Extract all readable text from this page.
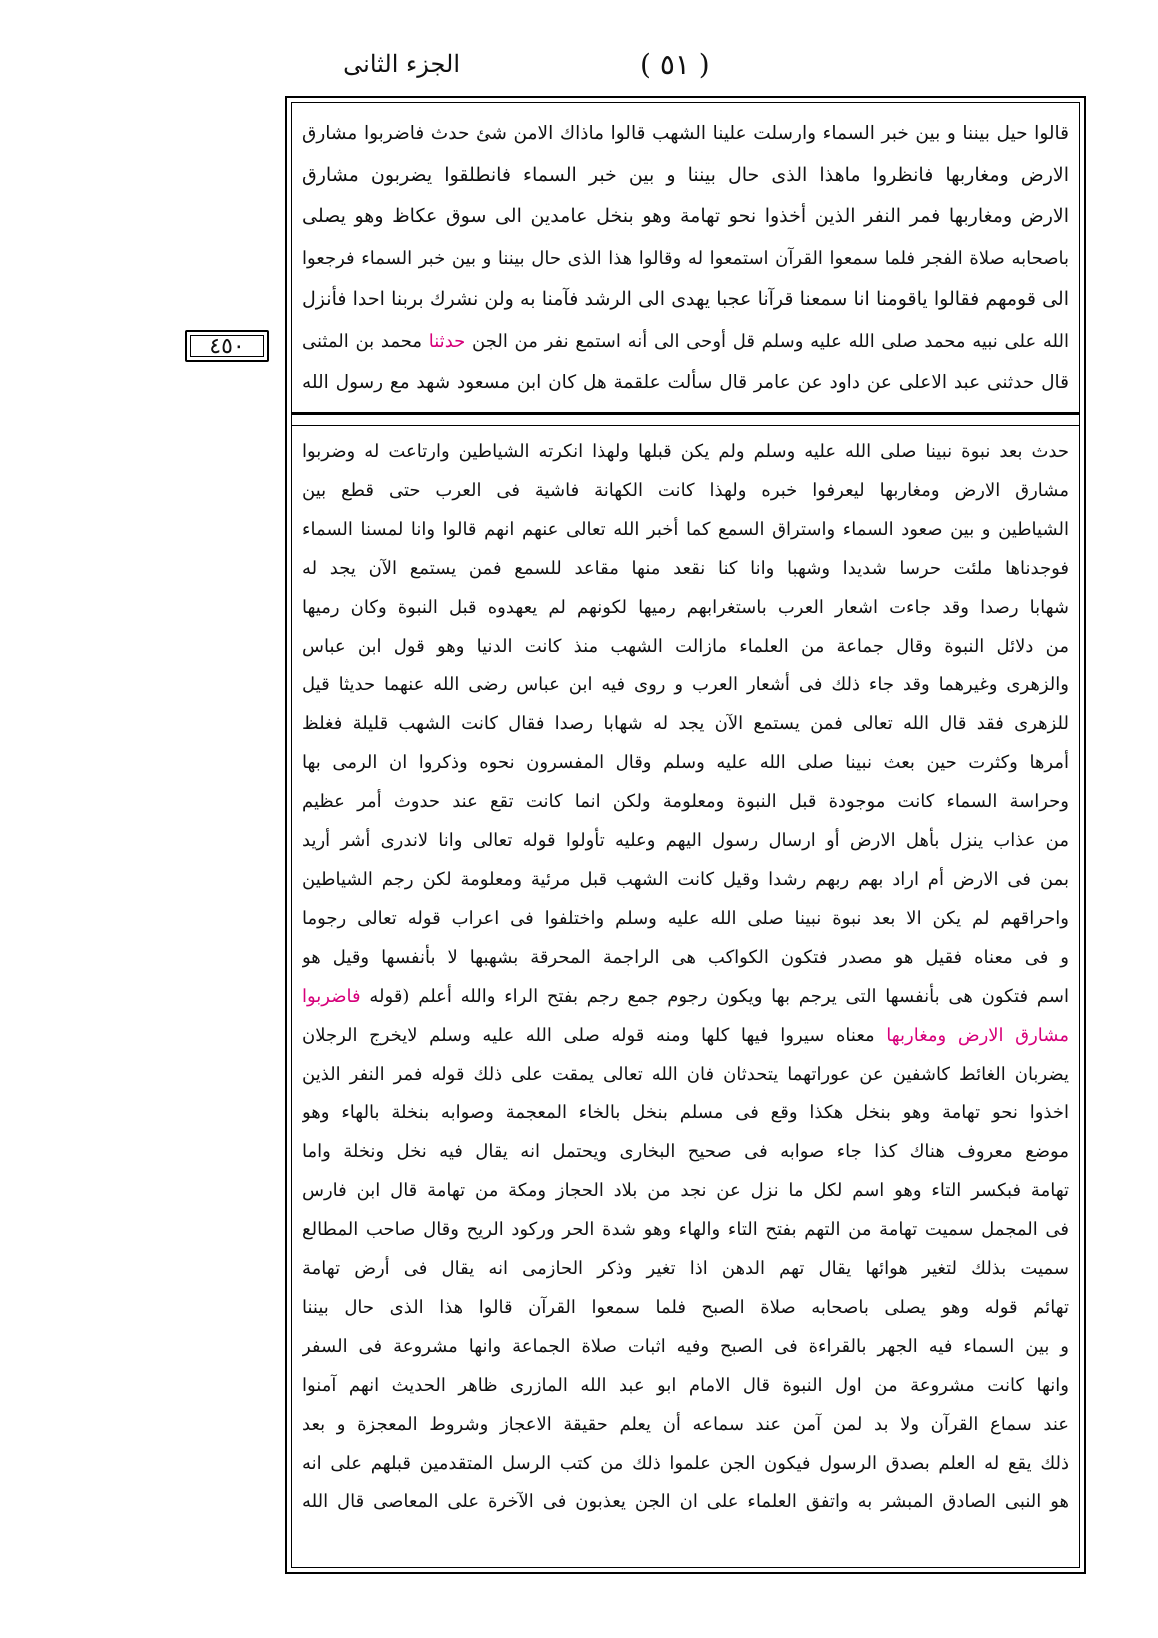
الجزء الثانى	( ٥١ )
٤٥٠
قالوا حيل بيننا و بين خبر السماء وارسلت علينا الشهب قالوا ماذاك الامن شئ حدث فاضربوا مشارق
الارض ومغاربها فانظروا ماهذا الذى حال بيننا و بين خبر السماء فانطلقوا يضربون مشارق
الارض ومغاربها فمر النفر الذين أخذوا نحو تهامة وهو بنخل عامدين الى سوق عكاظ وهو يصلى
باصحابه صلاة الفجر فلما سمعوا القرآن استمعوا له وقالوا هذا الذى حال بيننا و بين خبر السماء فرجعوا
الى قومهم فقالوا ياقومنا انا سمعنا قرآنا عجبا يهدى الى الرشد فآمنا به ولن نشرك بربنا احدا فأنزل
الله على نبيه محمد صلى الله عليه وسلم قل أوحى الى أنه استمع نفر من الجن حدثنا محمد بن المثنى
قال حدثنى عبد الاعلى عن داود عن عامر قال سألت علقمة هل كان ابن مسعود شهد مع رسول الله
حدث بعد نبوة نبينا صلى الله عليه وسلم ولم يكن قبلها ولهذا انكرته الشياطين وارتاعت له وضربوا
مشارق الارض ومغاربها ليعرفوا خبره ولهذا كانت الكهانة فاشية فى العرب حتى قطع بين
الشياطين و بين صعود السماء واستراق السمع كما أخبر الله تعالى عنهم انهم قالوا وانا لمسنا السماء
فوجدناها ملئت حرسا شديدا وشهبا وانا كنا نقعد منها مقاعد للسمع فمن يستمع الآن يجد له
شهابا رصدا وقد جاءت اشعار العرب باستغرابهم رميها لكونهم لم يعهدوه قبل النبوة وكان رميها
من دلائل النبوة وقال جماعة من العلماء مازالت الشهب منذ كانت الدنيا وهو قول ابن عباس
والزهرى وغيرهما وقد جاء ذلك فى أشعار العرب و روى فيه ابن عباس رضى الله عنهما حديثا قيل
للزهرى فقد قال الله تعالى فمن يستمع الآن يجد له شهابا رصدا فقال كانت الشهب قليلة فغلظ
أمرها وكثرت حين بعث نبينا صلى الله عليه وسلم وقال المفسرون نحوه وذكروا ان الرمى بها
وحراسة السماء كانت موجودة قبل النبوة ومعلومة ولكن انما كانت تقع عند حدوث أمر عظيم
من عذاب ينزل بأهل الارض أو ارسال رسول اليهم وعليه تأولوا قوله تعالى وانا لاندرى أشر أريد
بمن فى الارض أم اراد بهم ربهم رشدا وقيل كانت الشهب قبل مرئية ومعلومة لكن رجم الشياطين
واحراقهم لم يكن الا بعد نبوة نبينا صلى الله عليه وسلم واختلفوا فى اعراب قوله تعالى رجوما
و فى معناه فقيل هو مصدر فتكون الكواكب هى الراجمة المحرقة بشهبها لا بأنفسها وقيل هو
اسم فتكون هى بأنفسها التى يرجم بها ويكون رجوم جمع رجم بفتح الراء والله أعلم (قوله فاضربوا
مشارق الارض ومغاربها معناه سيروا فيها كلها ومنه قوله صلى الله عليه وسلم لايخرج الرجلان
يضربان الغائط كاشفين عن عوراتهما يتحدثان فان الله تعالى يمقت على ذلك قوله فمر النفر الذين
اخذوا نحو تهامة وهو بنخل هكذا وقع فى مسلم بنخل بالخاء المعجمة وصوابه بنخلة بالهاء وهو
موضع معروف هناك كذا جاء صوابه فى صحيح البخارى ويحتمل انه يقال فيه نخل ونخلة واما
تهامة فبكسر التاء وهو اسم لكل ما نزل عن نجد من بلاد الحجاز ومكة من تهامة قال ابن فارس
فى المجمل سميت تهامة من التهم بفتح التاء والهاء وهو شدة الحر وركود الريح وقال صاحب المطالع
سميت بذلك لتغير هوائها يقال تهم الدهن اذا تغير وذكر الحازمى انه يقال فى أرض تهامة
تهائم قوله وهو يصلى باصحابه صلاة الصبح فلما سمعوا القرآن قالوا هذا الذى حال بيننا
و بين السماء فيه الجهر بالقراءة فى الصبح وفيه اثبات صلاة الجماعة وانها مشروعة فى السفر
وانها كانت مشروعة من اول النبوة قال الامام ابو عبد الله المازرى ظاهر الحديث انهم آمنوا
عند سماع القرآن ولا بد لمن آمن عند سماعه أن يعلم حقيقة الاعجاز وشروط المعجزة و بعد
ذلك يقع له العلم بصدق الرسول فيكون الجن علموا ذلك من كتب الرسل المتقدمين قبلهم على انه
هو النبى الصادق المبشر به واتفق العلماء على ان الجن يعذبون فى الآخرة على المعاصى قال الله
